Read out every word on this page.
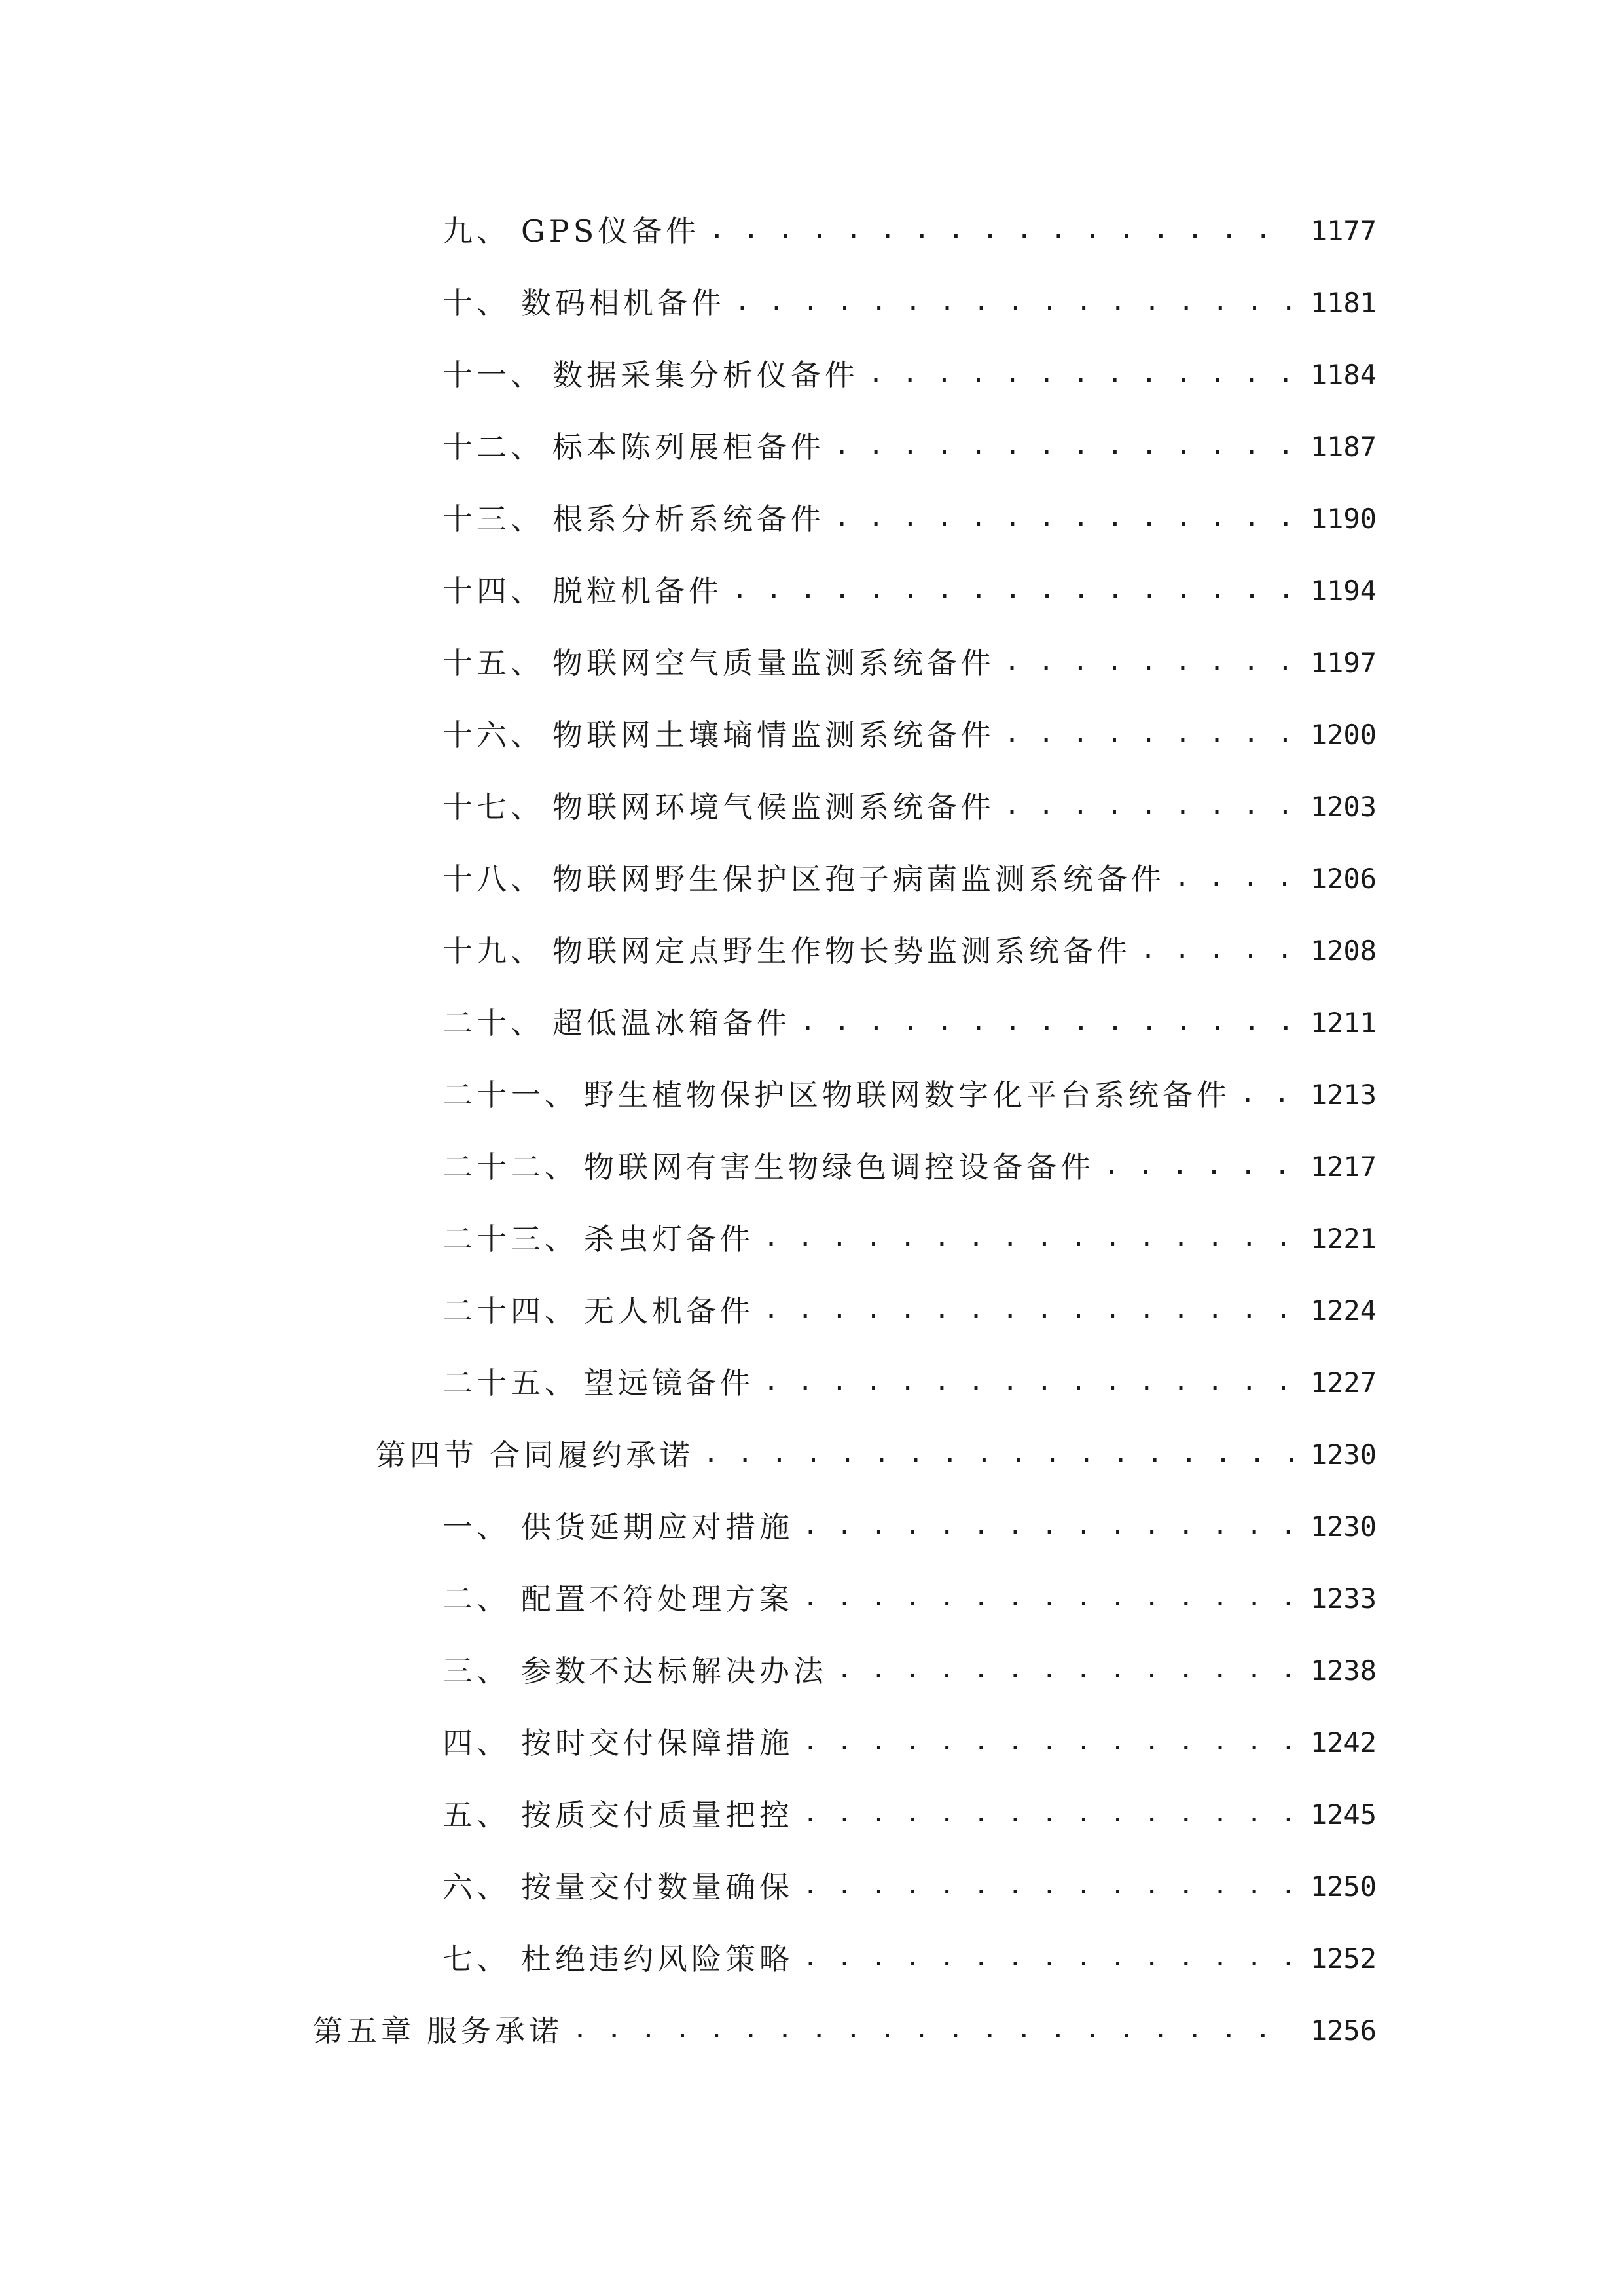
九、 GPS仪备件 . . .	1177
十、 数码相机备件 . . .	1181
十一、 数据采集分析仪备件 . . .	1184
十二、 标本陈列展柜备件 . . .	1187
十三、 根系分析系统备件 . . .	1190
十四、 脱粒机备件 . . .	1194
十五、 物联网空气质量监测系统备件 . . .	1197
十六、 物联网土壤墒情监测系统备件 . . .	1200
十七、 物联网环境气候监测系统备件 . . .	1203
十八、 物联网野生保护区孢子病菌监测系统备件 . . .	1206
十九、 物联网定点野生作物长势监测系统备件 . . .	1208
二十、 超低温冰箱备件 . . .	1211
二十一、 野生植物保护区物联网数字化平台系统备件 . . .	1213
二十二、 物联网有害生物绿色调控设备备件 . . .	1217
二十三、 杀虫灯备件 . . .	1221
二十四、 无人机备件 . . .	1224
二十五、 望远镜备件 . . .	1227
第四节 合同履约承诺 . . .	1230
一、 供货延期应对措施 . . .	1230
二、 配置不符处理方案 . . .	1233
三、 参数不达标解决办法 . . .	1238
四、 按时交付保障措施 . . .	1242
五、 按质交付质量把控 . . .	1245
六、 按量交付数量确保 . . .	1250
七、 杜绝违约风险策略 . . .	1252
第五章 服务承诺 . . .	1256
